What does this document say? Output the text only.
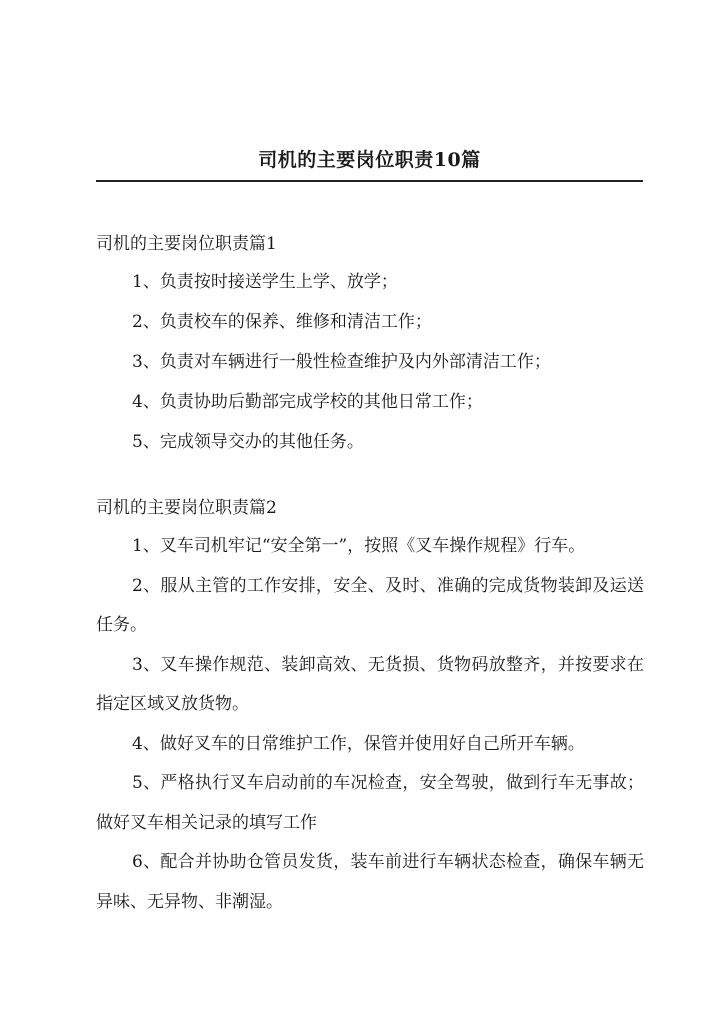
司机的主要岗位职责10篇
司机的主要岗位职责篇1
1、负责按时接送学生上学、放学；
2、负责校车的保养、维修和清洁工作；
3、负责对车辆进行一般性检查维护及内外部清洁工作；
4、负责协助后勤部完成学校的其他日常工作；
5、完成领导交办的其他任务。
司机的主要岗位职责篇2
1、叉车司机牢记“安全第一”，按照《叉车操作规程》行车。
2、服从主管的工作安排，安全、及时、准确的完成货物装卸及运送任务。
3、叉车操作规范、装卸高效、无货损、货物码放整齐，并按要求在指定区域叉放货物。
4、做好叉车的日常维护工作，保管并使用好自己所开车辆。
5、严格执行叉车启动前的车况检查，安全驾驶，做到行车无事故；做好叉车相关记录的填写工作
6、配合并协助仓管员发货，装车前进行车辆状态检查，确保车辆无异味、无异物、非潮湿。
